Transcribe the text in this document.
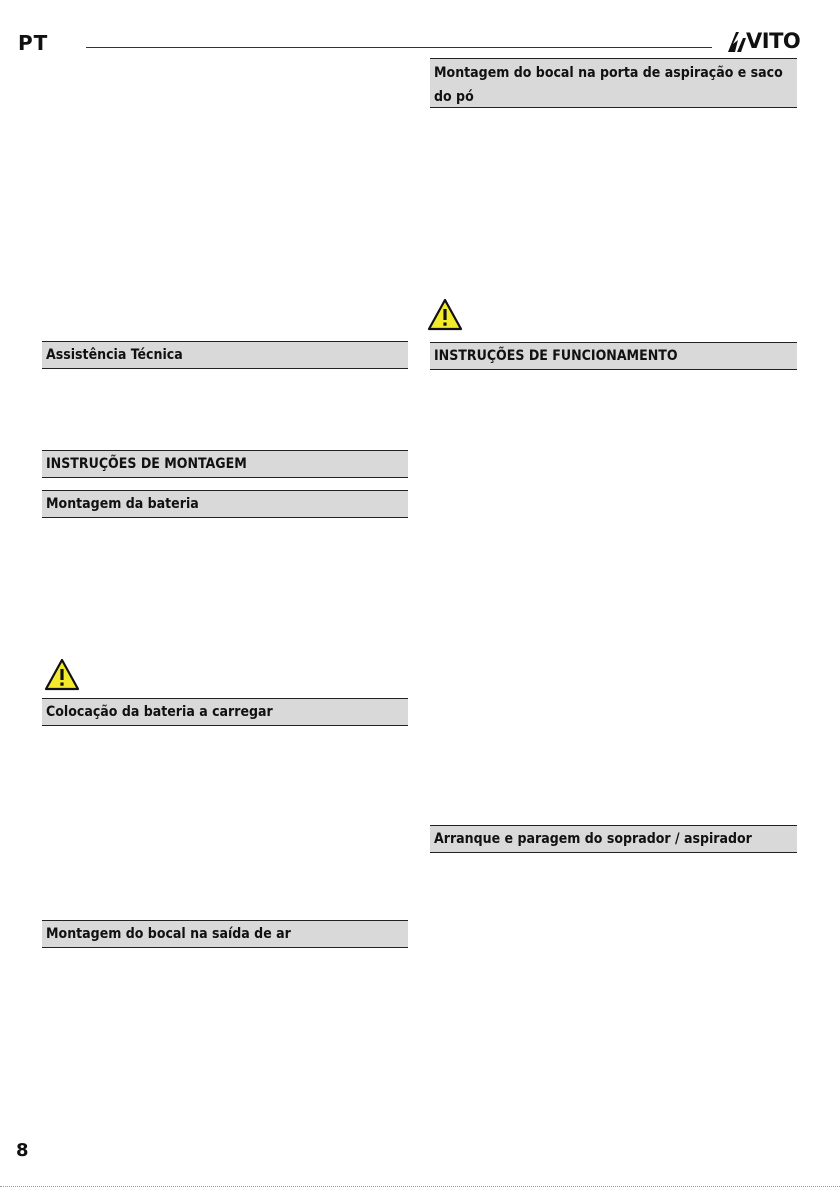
PT	VITO
Assistência Técnica
INSTRUÇÕES DE MONTAGEM
Montagem da bateria
Colocação da bateria a carregar
Montagem do bocal na saída de ar
Montagem do bocal na porta de aspiração e saco do pó
INSTRUÇÕES DE FUNCIONAMENTO
Arranque e paragem do soprador / aspirador
8
